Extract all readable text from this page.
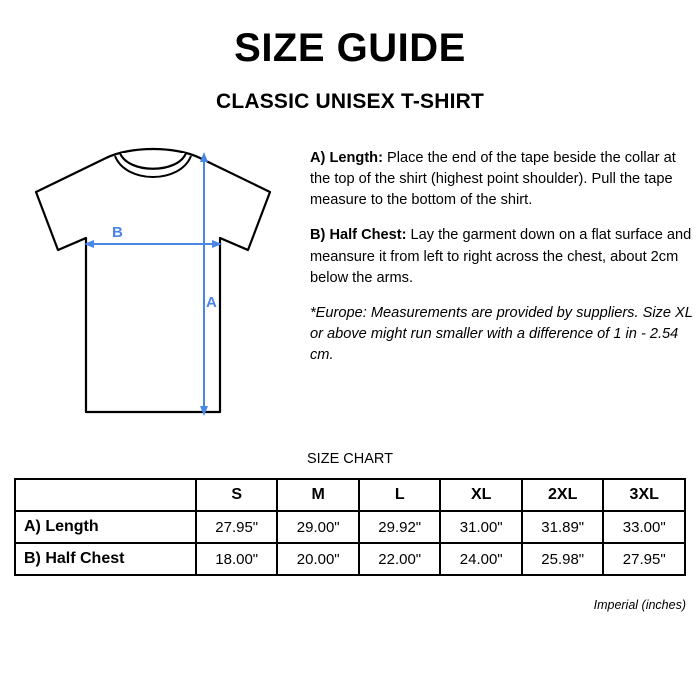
SIZE GUIDE
CLASSIC UNISEX T-SHIRT
B
A

A) Length: Place the end of the tape beside the collar at the top of the shirt (highest point shoulder). Pull the tape measure to the bottom of the shirt.

B) Half Chest: Lay the garment down on a flat surface and meansure it from left to right across the chest, about 2cm below the arms.

*Europe: Measurements are provided by suppliers. Size XL or above might run smaller with a difference of 1 in - 2.54 cm.

SIZE CHART
	S	M	L	XL	2XL	3XL
A) Length	27.95"	29.00"	29.92"	31.00"	31.89"	33.00"
B) Half Chest	18.00"	20.00"	22.00"	24.00"	25.98"	27.95"
Imperial (inches)
